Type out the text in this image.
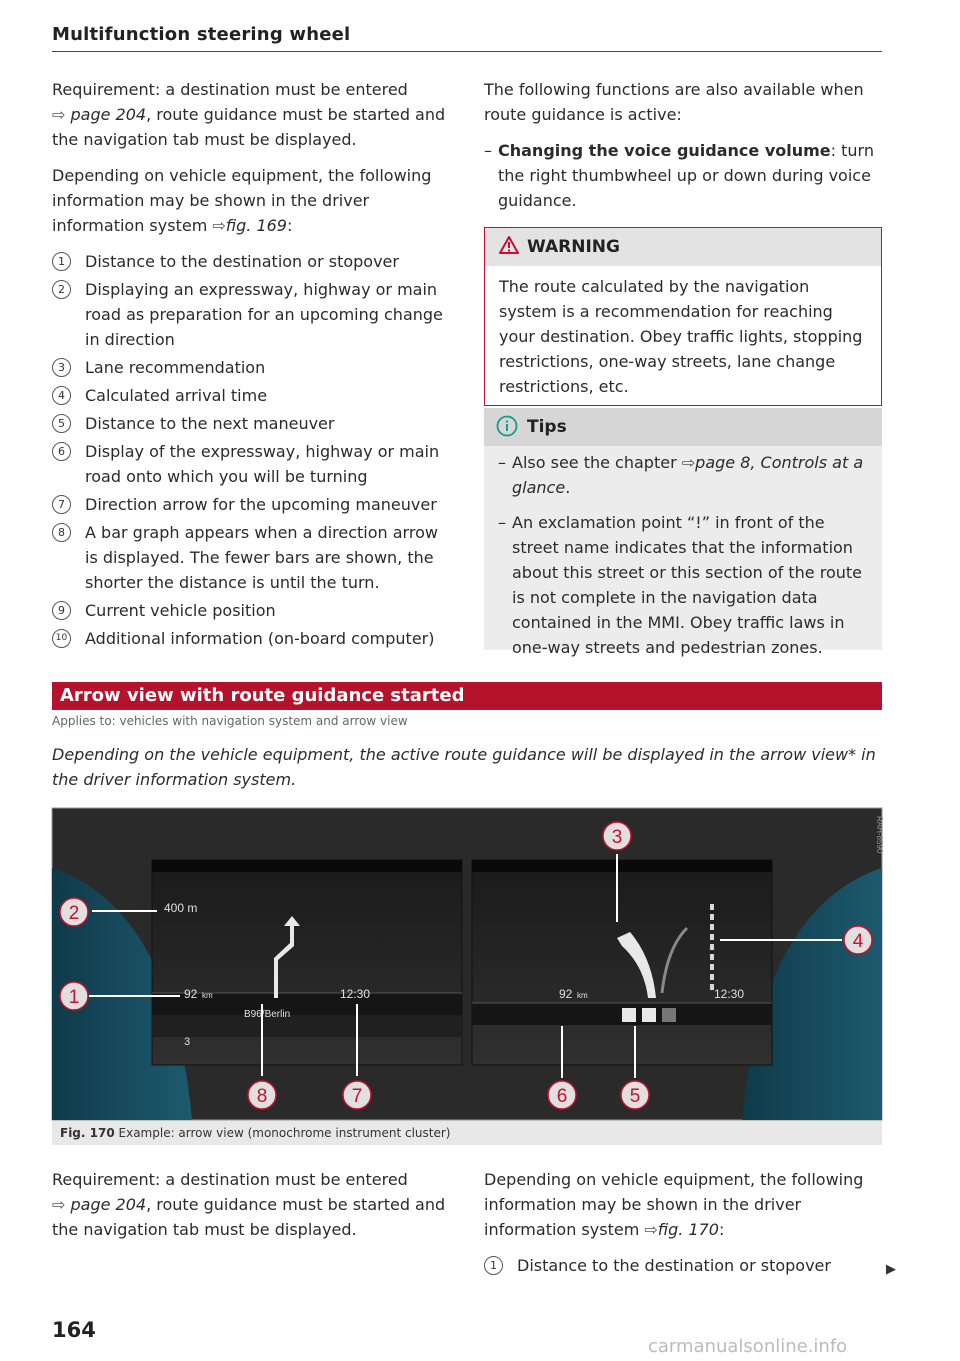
Multifunction steering wheel

Requirement: a destination must be entered
⇨ page 204, route guidance must be started and the navigation tab must be displayed.

Depending on vehicle equipment, the following information may be shown in the driver information system ⇨fig. 169:

1	Distance to the destination or stopover
2	Displaying an expressway, highway or main road as preparation for an upcoming change in direction
3	Lane recommendation
4	Calculated arrival time
5	Distance to the next maneuver
6	Display of the expressway, highway or main road onto which you will be turning
7	Direction arrow for the upcoming maneuver
8	A bar graph appears when a direction arrow is displayed. The fewer bars are shown, the shorter the distance is until the turn.
9	Current vehicle position
10 Additional information (on-board computer)

The following functions are also available when route guidance is active:

– Changing the voice guidance volume: turn the right thumbwheel up or down during voice guidance.
WARNING
The route calculated by the navigation system is a recommendation for reaching your destination. Obey traffic lights, stopping restrictions, one-way streets, lane change restrictions, etc.
Tips
– Also see the chapter ⇨page 8, Controls at a glance.
– An exclamation point “!” in front of the street name indicates that the information about this street or this section of the route is not complete in the navigation data contained in the MMI. Obey traffic laws in one-way streets and pedestrian zones.
Arrow view with route guidance started
Applies to: vehicles with navigation system and arrow view
Depending on the vehicle equipment, the active route guidance will be displayed in the arrow view* in the driver information system.
400 m
92 km	12:30
B96/Berlin
3
92 km	12:30
2
1
3
4
5
6
7
8
RAH-8590
Fig. 170 Example: arrow view (monochrome instrument cluster)

Requirement: a destination must be entered
⇨ page 204, route guidance must be started and the navigation tab must be displayed.

Depending on vehicle equipment, the following information may be shown in the driver information system ⇨fig. 170:

1	Distance to the destination or stopover	▶
164
carmanualsonline.info
